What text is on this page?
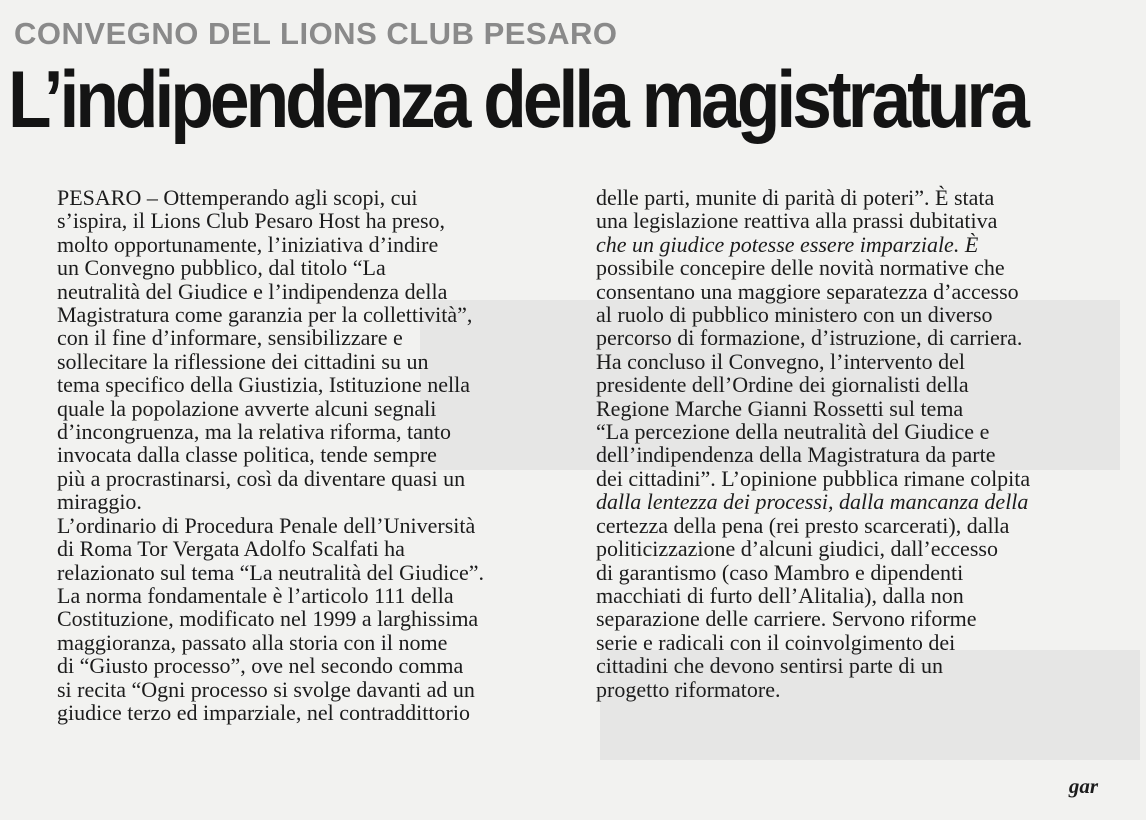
CONVEGNO DEL LIONS CLUB PESARO
L’indipendenza della magistratura

PESARO – Ottemperando agli scopi, cui

s’ispira, il Lions Club Pesaro Host ha preso,

molto opportunamente, l’iniziativa d’indire

un Convegno pubblico, dal titolo “La

neutralità del Giudice e l’indipendenza della

Magistratura come garanzia per la collettività”,

con il fine d’informare, sensibilizzare e

sollecitare la riflessione dei cittadini su un

tema specifico della Giustizia, Istituzione nella

quale la popolazione avverte alcuni segnali

d’incongruenza, ma la relativa riforma, tanto

invocata dalla classe politica, tende sempre

più a procrastinarsi, così da diventare quasi un

miraggio.

L’ordinario di Procedura Penale dell’Università

di Roma Tor Vergata Adolfo Scalfati ha

relazionato sul tema “La neutralità del Giudice”.

La norma fondamentale è l’articolo 111 della

Costituzione, modificato nel 1999 a larghissima

maggioranza, passato alla storia con il nome

di “Giusto processo”, ove nel secondo comma

si recita “Ogni processo si svolge davanti ad un

giudice terzo ed imparziale, nel contraddittorio

delle parti, munite di parità di poteri”. È stata

una legislazione reattiva alla prassi dubitativa

che un giudice potesse essere imparziale. È

possibile concepire delle novità normative che

consentano una maggiore separatezza d’accesso

al ruolo di pubblico ministero con un diverso

percorso di formazione, d’istruzione, di carriera.

Ha concluso il Convegno, l’intervento del

presidente dell’Ordine dei giornalisti della

Regione Marche Gianni Rossetti sul tema

“La percezione della neutralità del Giudice e

dell’indipendenza della Magistratura da parte

dei cittadini”. L’opinione pubblica rimane colpita

dalla lentezza dei processi, dalla mancanza della

certezza della pena (rei presto scarcerati), dalla

politicizzazione d’alcuni giudici, dall’eccesso

di garantismo (caso Mambro e dipendenti

macchiati di furto dell’Alitalia), dalla non

separazione delle carriere. Servono riforme

serie e radicali con il coinvolgimento dei

cittadini che devono sentirsi parte di un

progetto riformatore.

gar
